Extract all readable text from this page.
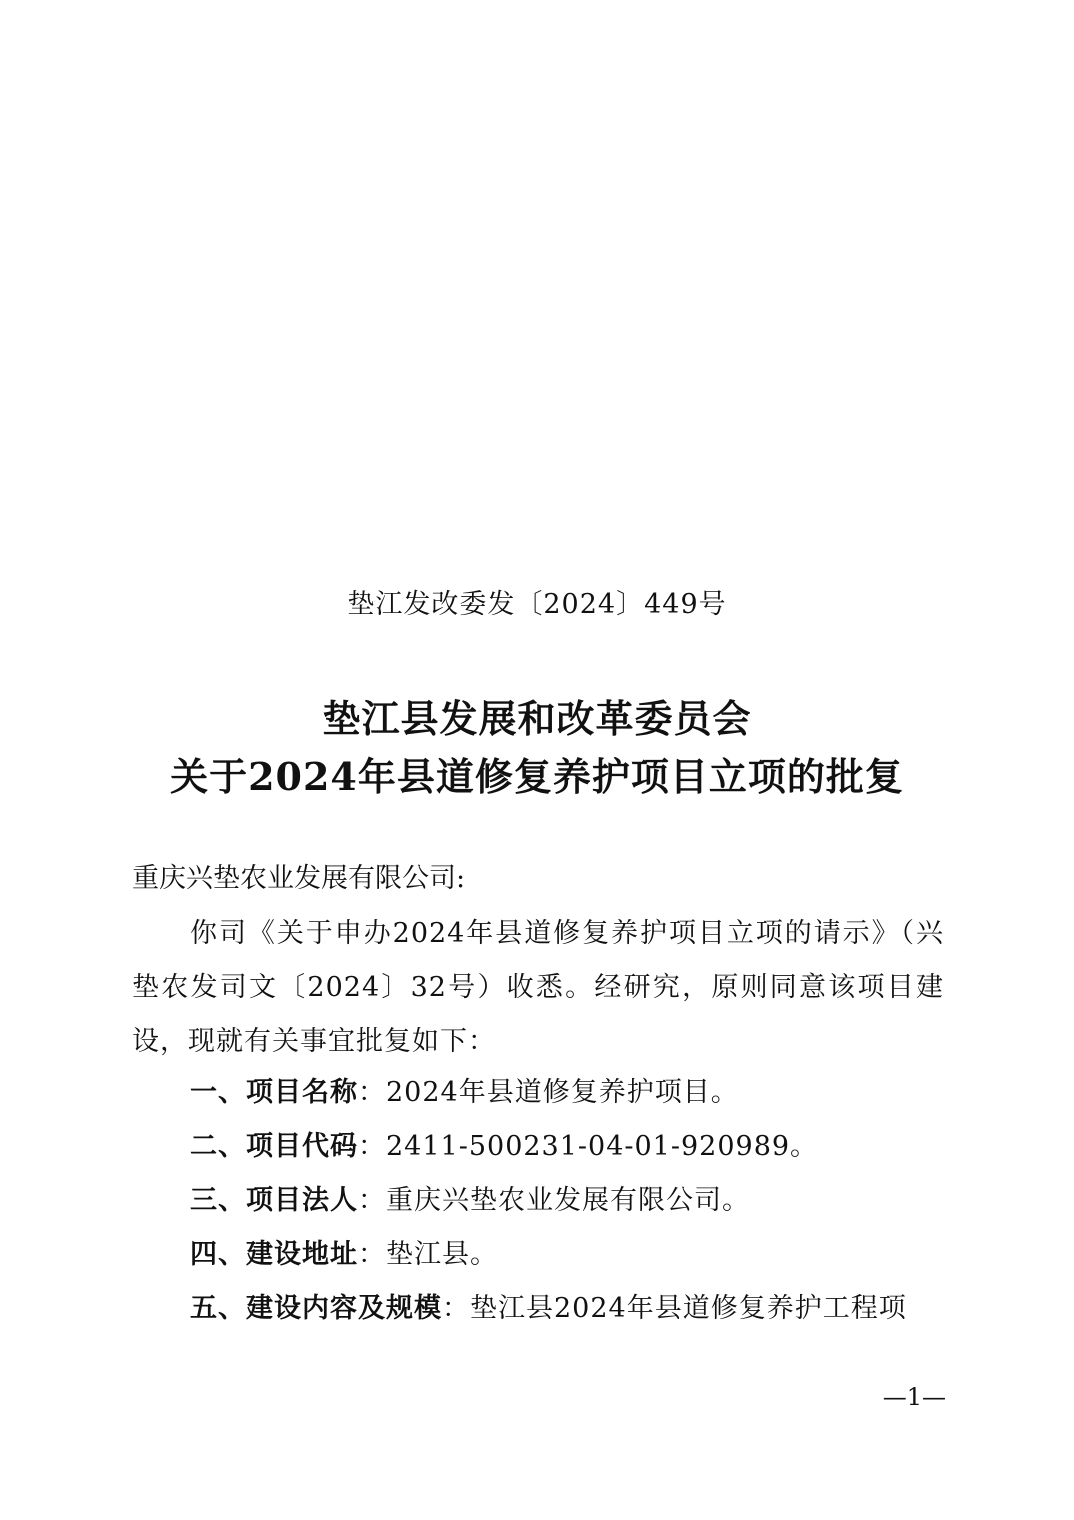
垫江发改委发〔2024〕449号
垫江县发展和改革委员会
关于2024年县道修复养护项目立项的批复
重庆兴垫农业发展有限公司:
你司《关于申办2024年县道修复养护项目立项的请示》（兴垫农发司文〔2024〕32号）收悉。经研究，原则同意该项目建设，现就有关事宜批复如下：
一、项目名称：2024年县道修复养护项目。
二、项目代码：2411-500231-04-01-920989。
三、项目法人：重庆兴垫农业发展有限公司。
四、建设地址：垫江县。
五、建设内容及规模：垫江县2024年县道修复养护工程项
—1—
